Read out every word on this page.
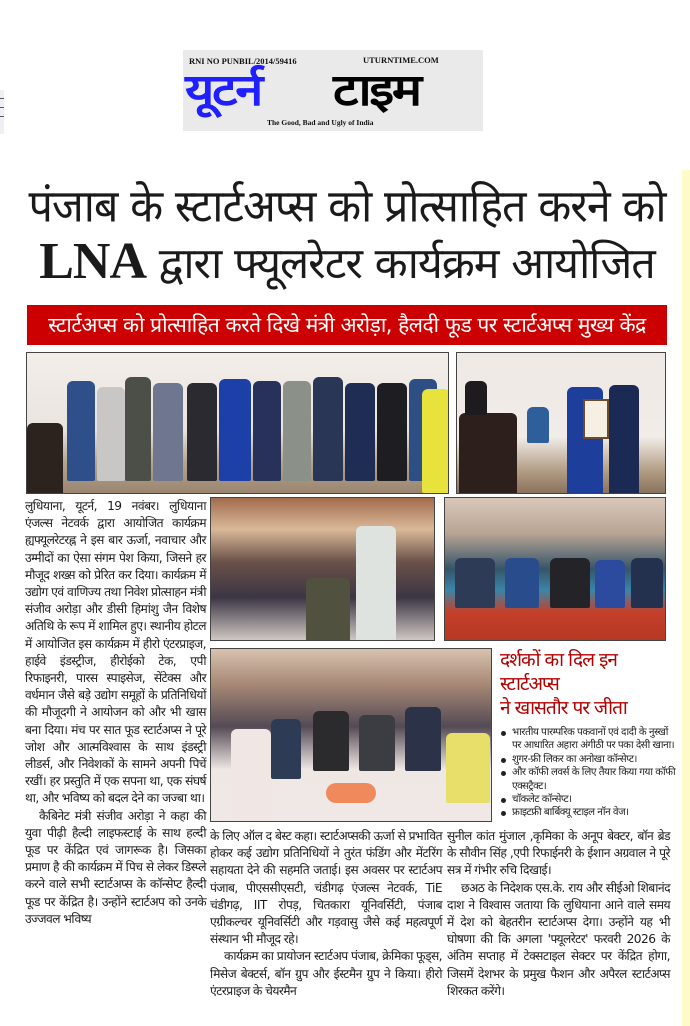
RNI NO PUNBIL/2014/59416	UTURNTIME.COM
यूटर्न टाइम
The Good, Bad and Ugly of India
पंजाब के स्टार्टअप्स को प्रोत्साहित करने को
LNA द्वारा फ्यूलरेटर कार्यक्रम आयोजित
स्टार्टअप्स को प्रोत्साहित करते दिखे मंत्री अरोड़ा, हैलदी फूड पर स्टार्टअप्स मुख्य केंद्र

लुधियाना, यूटर्न, 19 नवंबर। लुधियाना एंजल्स नेटवर्क द्वारा आयोजित कार्यक्रम ह्यफ्यूलरेटरह्न ने इस बार ऊर्जा, नवाचार और उम्मीदों का ऐसा संगम पेश किया, जिसने हर मौजूद शख्स को प्रेरित कर दिया। कार्यक्रम में उद्योग एवं वाणिज्य तथा निवेश प्रोत्साहन मंत्री संजीव अरोड़ा और डीसी हिमांशु जैन विशेष अतिथि के रूप में शामिल हुए। स्थानीय होटल में आयोजित इस कार्यक्रम में हीरो एंटरप्राइज, हाईवे इंडस्ट्रीज, हीरोईको टेक, एपी रिफाइनरी, पारस स्पाइसेज, सेंटेक्स और वर्धमान जैसे बड़े उद्योग समूहों के प्रतिनिधियों की मौजूदगी ने आयोजन को और भी खास बना दिया। मंच पर सात फूड स्टार्टअप्स ने पूरे जोश और आत्मविश्वास के साथ इंडस्ट्री लीडर्स, और निवेशकों के सामने अपनी पिचें रखीं। हर प्रस्तुति में एक सपना था, एक संघर्ष था, और भविष्य को बदल देने का जज्बा था।

कैबिनेट मंत्री संजीव अरोड़ा ने कहा की युवा पीढ़ी हैल्दी लाइफस्टाई के साथ हल्दी फूड पर केंद्रित एवं जागरूक है। जिसका प्रमाण है की कार्यक्रम में पिच से लेकर डिस्प्ले करने वाले सभी स्टार्टअप्स के कॉन्सेप्ट हैल्दी फूड पर केंद्रित है। उन्होंने स्टार्टअप को उनके उज्जवल भविष्य

के लिए ऑल द बेस्ट कहा। स्टार्टअप्सकी ऊर्जा से प्रभावित होकर कई उद्योग प्रतिनिधियों ने तुरंत फंडिंग और मेंटरिंग सहायता देने की सहमति जताई। इस अवसर पर स्टार्टअप पंजाब, पीएससीएसटी, चंडीगढ़ एंजल्स नेटवर्क, TiE चंडीगढ़, IIT रोपड़, चितकारा यूनिवर्सिटी, पंजाब एग्रीकल्चर यूनिवर्सिटी और गड़वासु जैसे कई महत्वपूर्ण संस्थान भी मौजूद रहे।

कार्यक्रम का प्रायोजन स्टार्टअप पंजाब, क्रेमिका फूड्स, मिसेज बेक्टर्स, बॉन ग्रुप और ईस्टमैन ग्रुप ने किया। हीरो एंटरप्राइज के चेयरमैन

सुनील कांत मुंजाल ,कृमिका के अनूप बेक्टर, बॉन ब्रेड के सौवीन सिंह ,एपी रिफाईनरी के ईशान अग्रवाल ने पूरे सत्र में गंभीर रुचि दिखाई।

छअठ के निदेशक एस.के. राय और सीईओ शिबानंद दाश ने विश्वास जताया कि लुधियाना आने वाले समय में देश को बेहतरीन स्टार्टअप्स देगा। उन्होंने यह भी घोषणा की कि अगला 'फ्यूलरेटर' फरवरी 2026 के अंतिम सप्ताह में टेक्सटाइल सेक्टर पर केंद्रित होगा, जिसमें देशभर के प्रमुख फैशन और अपैरल स्टार्टअप्स शिरकत करेंगे।

दर्शकों का दिल इन स्टार्टअप्स
ने खासतौर पर जीता
भारतीय पारम्परिक पकवानों एवं दादी के नुस्खों पर आधारित अहारा अंगीठी पर पका देसी खाना।
शुगर-फ्री लिकर का अनोखा कॉन्सेप्ट।
और कॉफी लवर्स के लिए तैयार किया गया कॉफी एक्सट्रैक्ट।
चॉकलेट कॉन्सेप्ट।
फ्राइटफ्री बार्बिक्यू स्टाइल नॉन वेज।
